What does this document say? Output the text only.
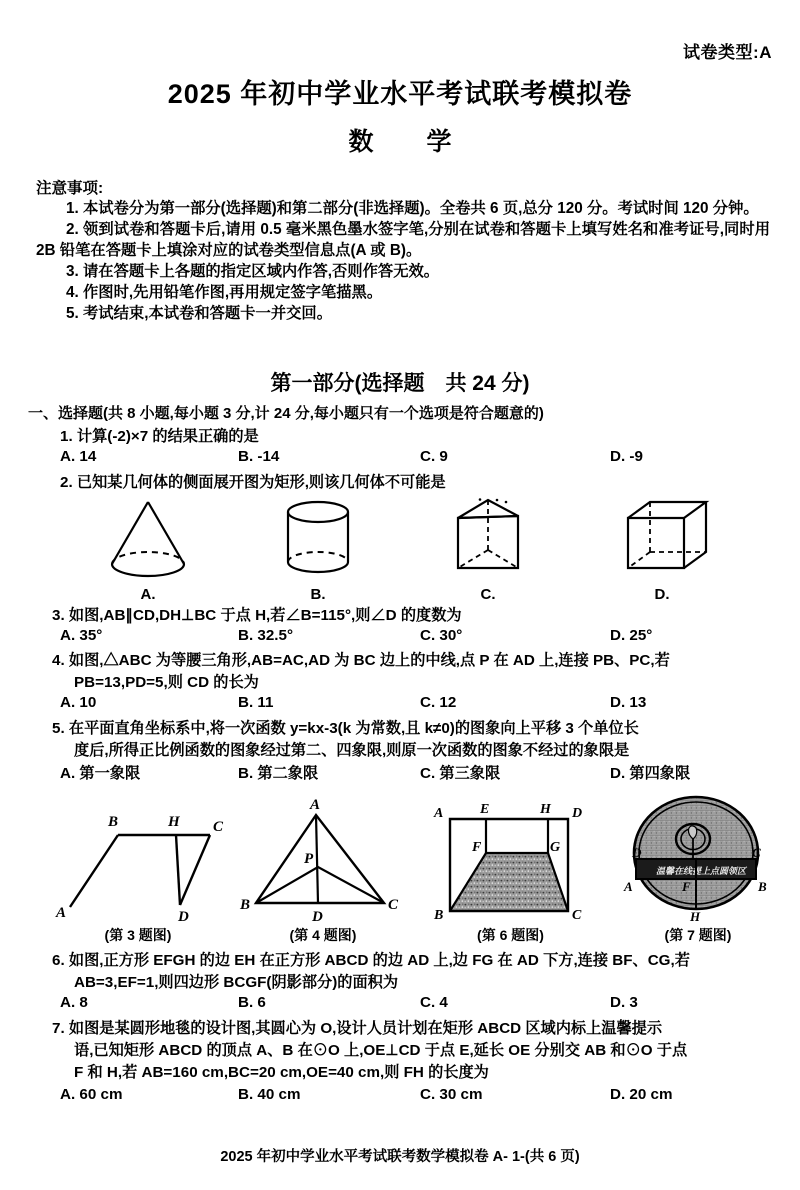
试卷类型:A
2025 年初中学业水平考试联考模拟卷
数　学
注意事项:
1. 本试卷分为第一部分(选择题)和第二部分(非选择题)。全卷共 6 页,总分 120 分。考试时间 120 分钟。
2. 领到试卷和答题卡后,请用 0.5 毫米黑色墨水签字笔,分别在试卷和答题卡上填写姓名和准考证号,同时用 2B 铅笔在答题卡上填涂对应的试卷类型信息点(A 或 B)。
3. 请在答题卡上各题的指定区域内作答,否则作答无效。
4. 作图时,先用铅笔作图,再用规定签字笔描黑。
5. 考试结束,本试卷和答题卡一并交回。
第一部分(选择题　共 24 分)
一、选择题(共 8 小题,每小题 3 分,计 24 分,每小题只有一个选项是符合题意的)
1. 计算(-2)×7 的结果正确的是
A. 14	B. -14	C. 9	D. -9
2. 已知某几何体的侧面展开图为矩形,则该几何体不可能是
A.	B.	C.	D.
3. 如图,AB∥CD,DH⊥BC 于点 H,若∠B=115°,则∠D 的度数为
A. 35°	B. 32.5°	C. 30°	D. 25°
4. 如图,△ABC 为等腰三角形,AB=AC,AD 为 BC 边上的中线,点 P 在 AD 上,连接 PB、PC,若
PB=13,PD=5,则 CD 的长为
A. 10	B. 11	C. 12	D. 13
5. 在平面直角坐标系中,将一次函数 y=kx-3(k 为常数,且 k≠0)的图象向上平移 3 个单位长
度后,所得正比例函数的图象经过第二、四象限,则原一次函数的图象不经过的象限是
A. 第一象限	B. 第二象限	C. 第三象限	D. 第四象限
A
B	H C
D
(第 3 题图)
A
P
B
D
C
(第 4 题图)
A	E	H D
F	G
B	C
(第 6 题图)
温馨在线提上点圆领区
D	C
A	F	B
H
(第 7 题图)
6. 如图,正方形 EFGH 的边 EH 在正方形 ABCD 的边 AD 上,边 FG 在 AD 下方,连接 BF、CG,若
AB=3,EF=1,则四边形 BCGF(阴影部分)的面积为
A. 8	B. 6	C. 4	D. 3
7. 如图是某圆形地毯的设计图,其圆心为 O,设计人员计划在矩形 ABCD 区域内标上温馨提示
语,已知矩形 ABCD 的顶点 A、B 在⊙O 上,OE⊥CD 于点 E,延长 OE 分别交 AB 和⊙O 于点
F 和 H,若 AB=160 cm,BC=20 cm,OE=40 cm,则 FH 的长度为
A. 60 cm	B. 40 cm	C. 30 cm	D. 20 cm
2025 年初中学业水平考试联考数学模拟卷 A- 1-(共 6 页)
